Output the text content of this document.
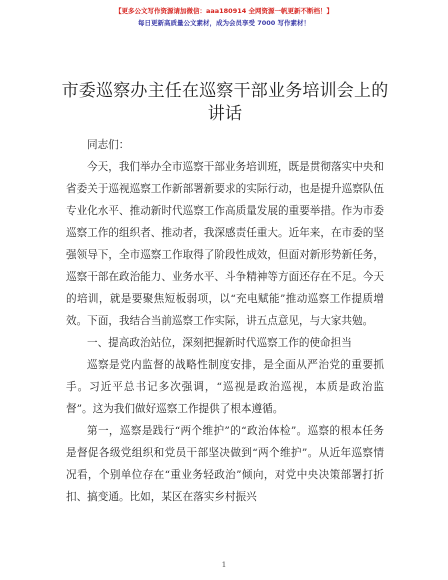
【更多公文写作资源请加微信：aaa180914 全网资源一帆更新不断档！】
每日更新高质量公文素材，成为会员享受 7000 写作素材！
市委巡察办主任在巡察干部业务培训会上的讲话

同志们：

今天，我们举办全市巡察干部业务培训班，既是贯彻落实中央和省委关于巡视巡察工作新部署新要求的实际行动，也是提升巡察队伍专业化水平、推动新时代巡察工作高质量发展的重要举措。作为市委巡察工作的组织者、推动者，我深感责任重大。近年来，在市委的坚强领导下，全市巡察工作取得了阶段性成效，但面对新形势新任务，巡察干部在政治能力、业务水平、斗争精神等方面还存在不足。今天的培训，就是要聚焦短板弱项，以“充电赋能”推动巡察工作提质增效。下面，我结合当前巡察工作实际，讲五点意见，与大家共勉。

一、提高政治站位，深刻把握新时代巡察工作的使命担当

巡察是党内监督的战略性制度安排，是全面从严治党的重要抓手。习近平总书记多次强调，“巡视是政治巡视，本质是政治监督”。这为我们做好巡察工作提供了根本遵循。

第一，巡察是践行“两个维护”的“政治体检”。巡察的根本任务是督促各级党组织和党员干部坚决做到“两个维护”。从近年巡察情况看，个别单位存在“重业务轻政治”倾向，对党中央决策部署打折扣、搞变通。比如，某区在落实乡村振兴

1
